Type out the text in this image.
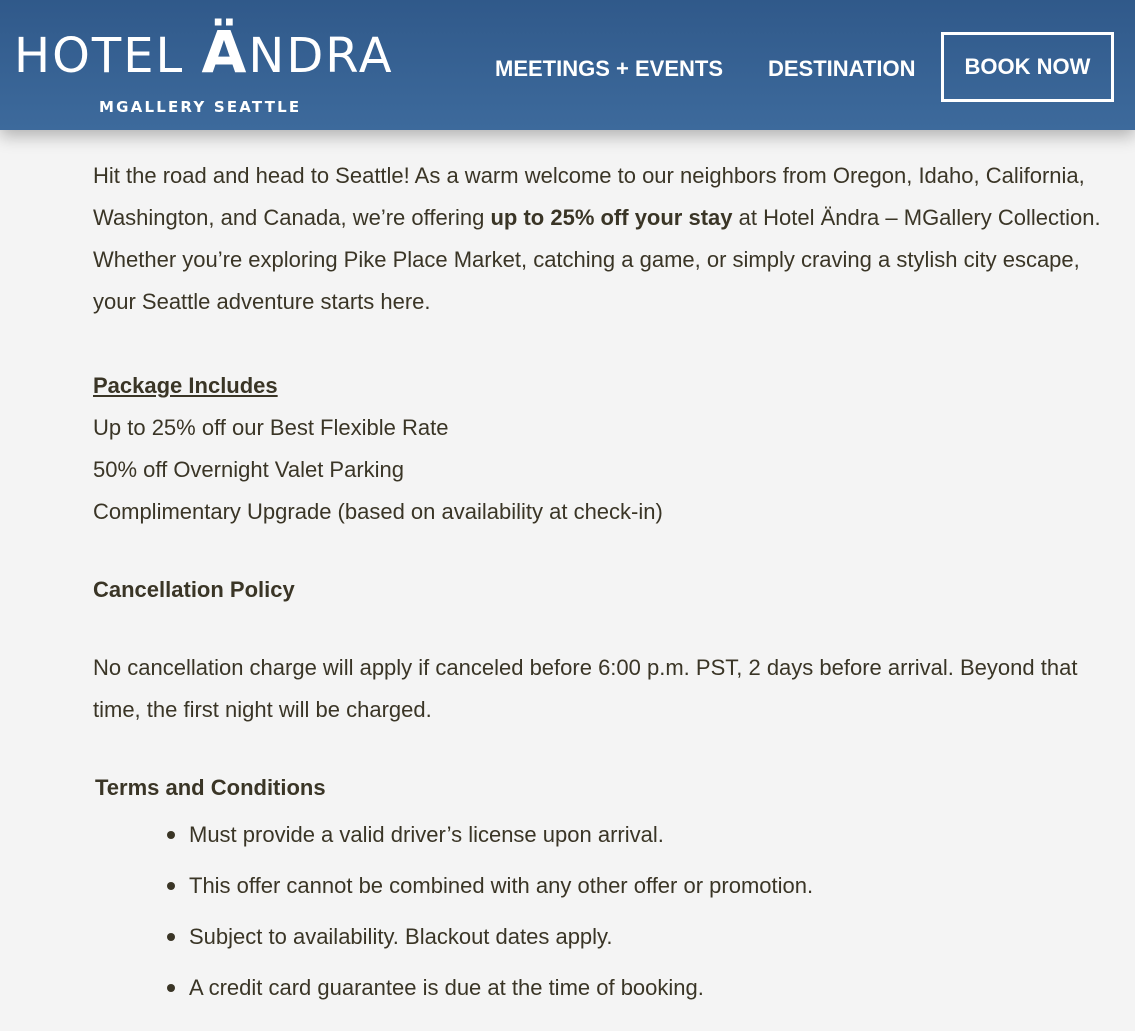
HOTEL ÄNDRA
MGALLERY SEATTLE
MEETINGS + EVENTS DESTINATION	BOOK NOW

Hit the road and head to Seattle! As a warm welcome to our neighbors from Oregon, Idaho, California, Washington, and Canada, we’re offering up to 25% off your stay at Hotel Ändra – MGallery Collection. Whether you’re exploring Pike Place Market, catching a game, or simply craving a stylish city escape, your Seattle adventure starts here.

Package Includes

Up to 25% off our Best Flexible Rate

50% off Overnight Valet Parking

Complimentary Upgrade (based on availability at check-in)

Cancellation Policy

No cancellation charge will apply if canceled before 6:00 p.m. PST, 2 days before arrival. Beyond that time, the first night will be charged.

Terms and Conditions

Must provide a valid driver’s license upon arrival.
This offer cannot be combined with any other offer or promotion.
Subject to availability. Blackout dates apply.
A credit card guarantee is due at the time of booking.
